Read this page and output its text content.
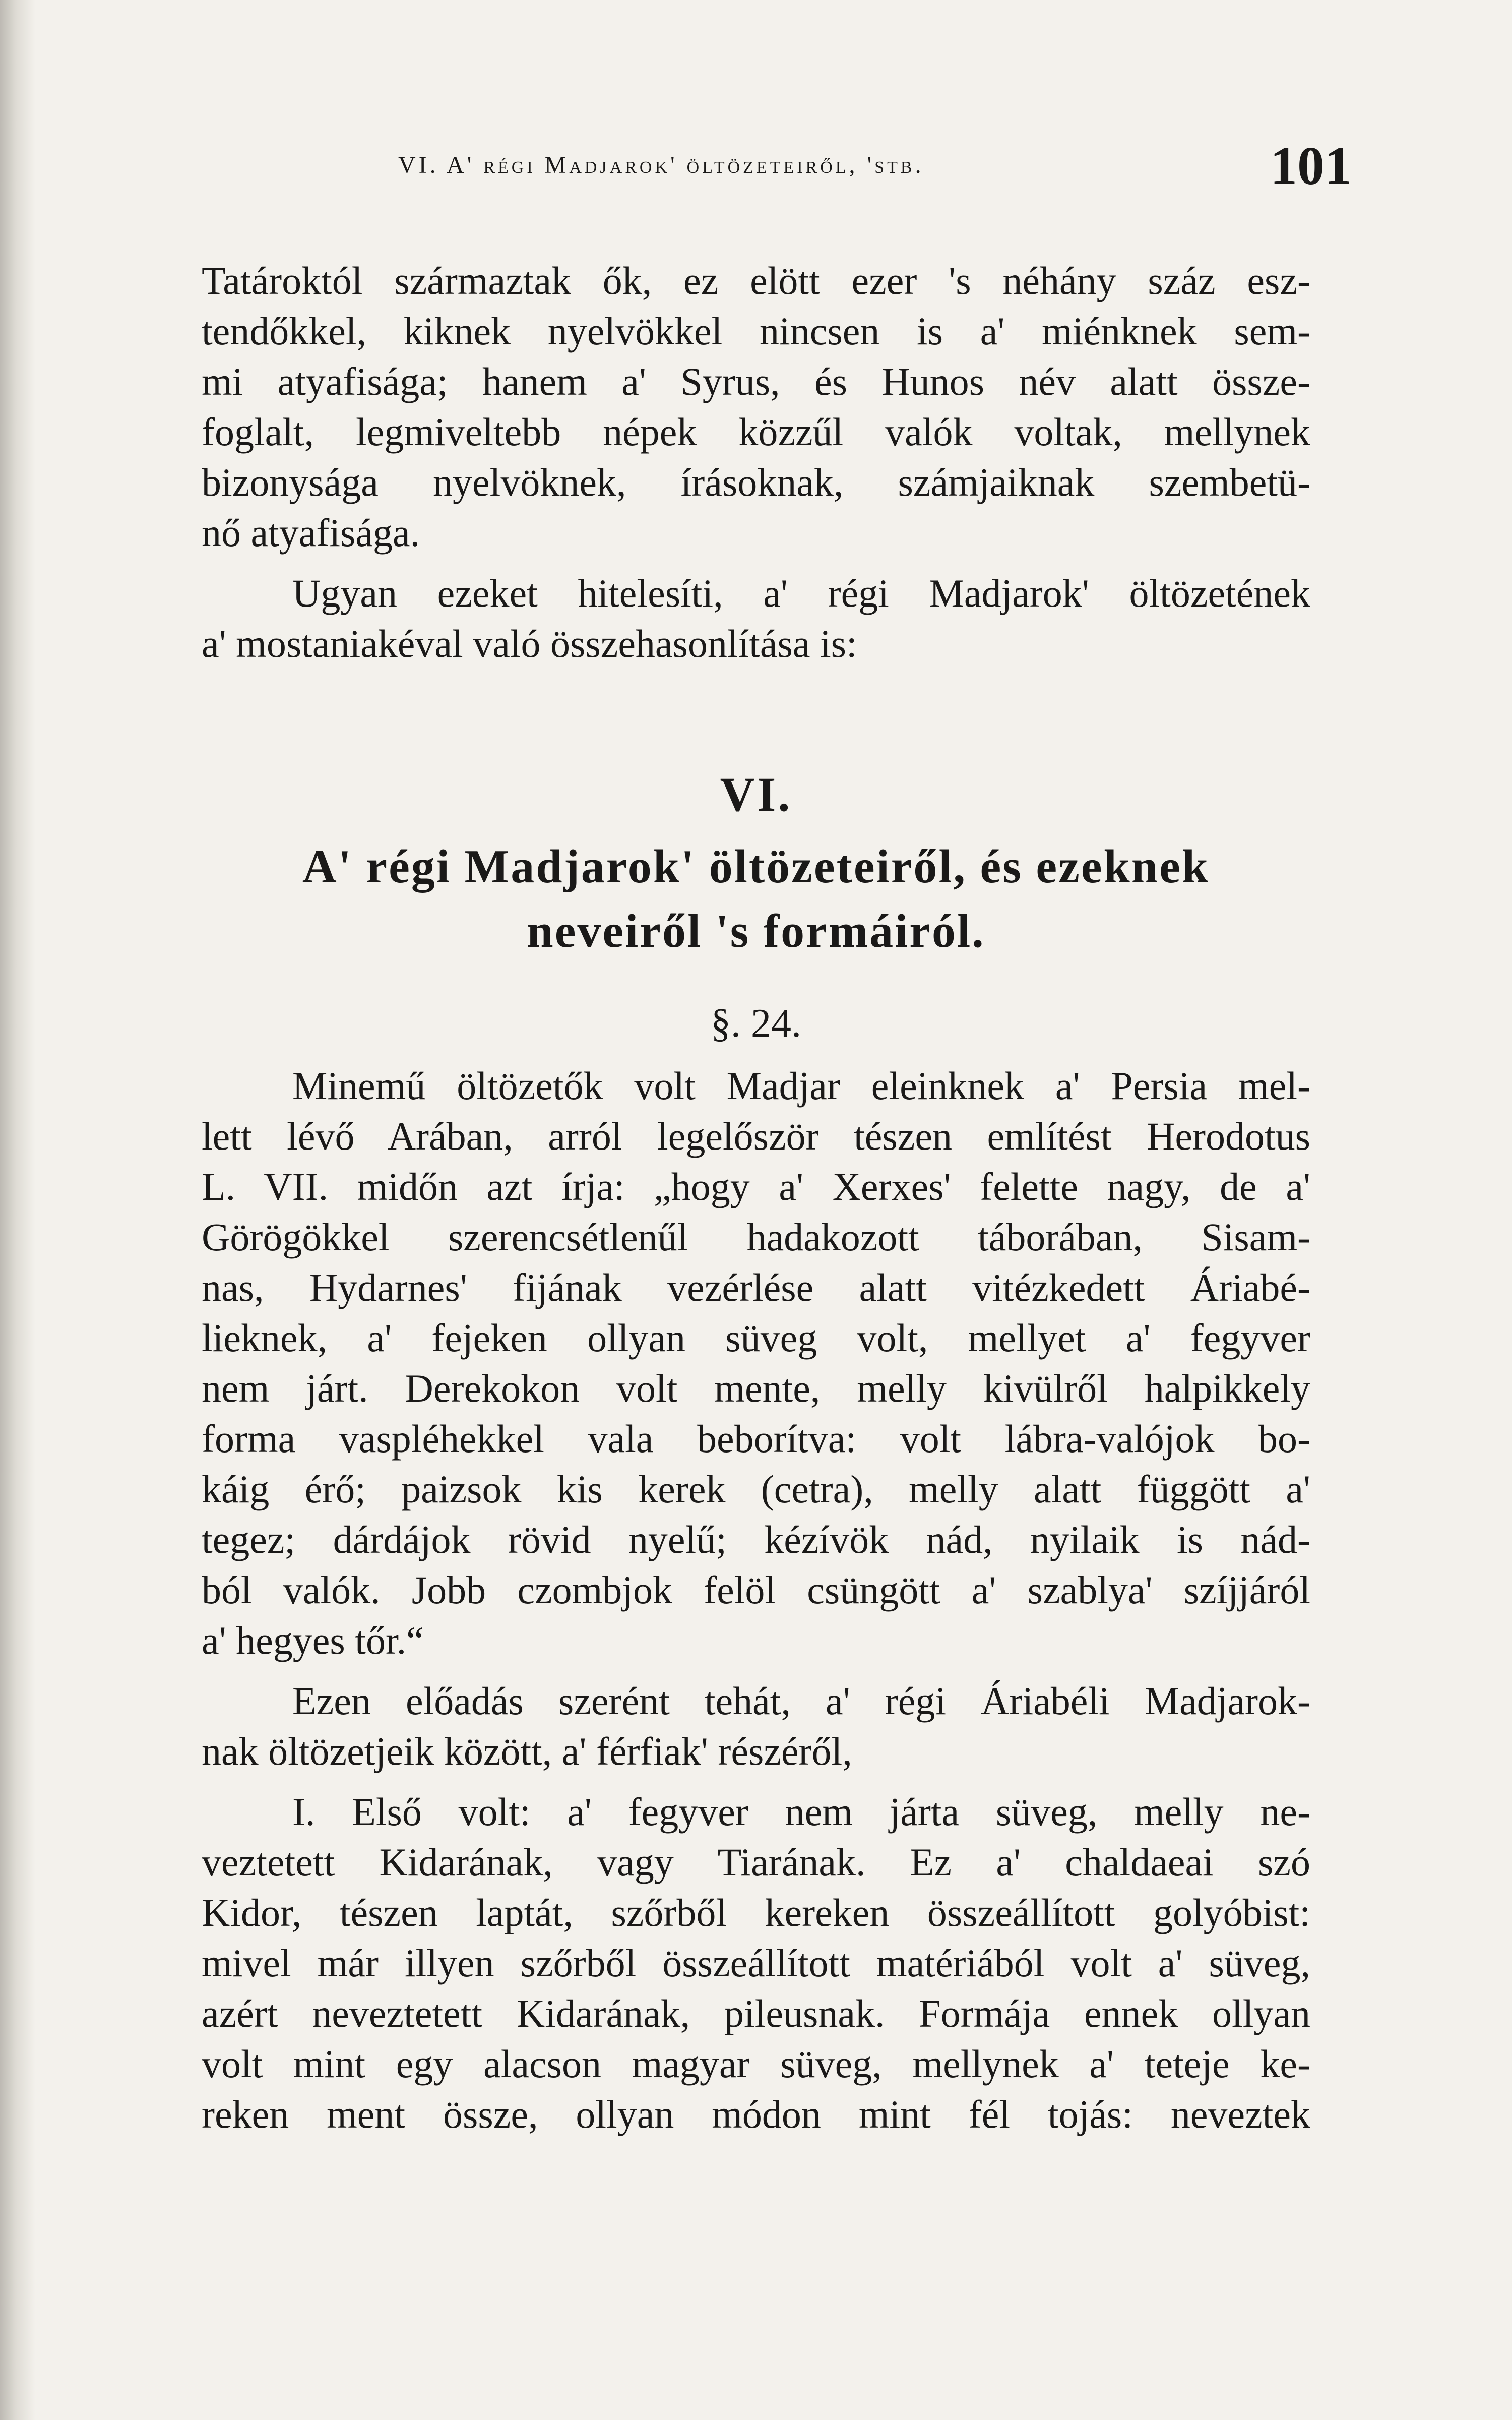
VI. A' régi Madjarok' öltözeteiről, 'stb.	101
Tatároktól származtak ők, ez elött ezer 's néhány száz esz-
tendőkkel, kiknek nyelvökkel nincsen is a' miénknek sem-
mi atyafisága; hanem a' Syrus, és Hunos név alatt össze-
foglalt, legmiveltebb népek közzűl valók voltak, mellynek
bizonysága nyelvöknek, írásoknak, számjaiknak szembetü-
nő atyafisága.
Ugyan ezeket hitelesíti, a' régi Madjarok' öltözetének
a' mostaniakéval való összehasonlítása is:
VI.
A' régi Madjarok' öltözeteiről, és ezeknek
neveiről 's formáiról.
§. 24.
Minemű öltözetők volt Madjar eleinknek a' Persia mel-
lett lévő Arában, arról legelőször tészen említést Herodotus
L. VII. midőn azt írja: „hogy a' Xerxes' felette nagy, de a'
Görögökkel szerencsétlenűl hadakozott táborában, Sisam-
nas, Hydarnes' fijának vezérlése alatt vitézkedett Áriabé-
lieknek, a' fejeken ollyan süveg volt, mellyet a' fegyver
nem járt. Derekokon volt mente, melly kivülről halpikkely
forma vaspléhekkel vala beborítva: volt lábra-valójok bo-
káig érő; paizsok kis kerek (cetra), melly alatt függött a'
tegez; dárdájok rövid nyelű; kézívök nád, nyilaik is nád-
ból valók. Jobb czombjok felöl csüngött a' szablya' szíjjáról
a' hegyes tőr.“
Ezen előadás szerént tehát, a' régi Áriabéli Madjarok-
nak öltözetjeik között, a' férfiak' részéről,
I. Első volt: a' fegyver nem járta süveg, melly ne-
veztetett Kidarának, vagy Tiarának. Ez a' chaldaeai szó
Kidor, tészen laptát, szőrből kereken összeállított golyóbist:
mivel már illyen szőrből összeállított matériából volt a' süveg,
azért neveztetett Kidarának, pileusnak. Formája ennek ollyan
volt mint egy alacson magyar süveg, mellynek a' teteje ke-
reken ment össze, ollyan módon mint fél tojás: neveztek
